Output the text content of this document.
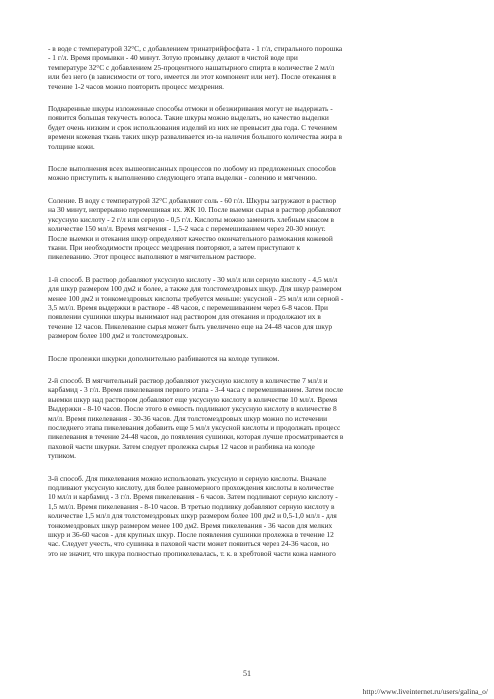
- в воде с температурой 32°С, с добавлением тринатрийфосфата - 1 г/л, стирального порошка
- 1 г/л. Время промывки - 40 минут. Зотую промывку делают в чистой воде при
температуре 32°С с добавлением 25-процентного нашатырного спирта в количестве 2 мл/л
или без него (в зависимости от того, имеется ли этот компонент или нет). После отекания в
течение 1-2 часов можно повторить процесс мездрения.
Подваренные шкуры изложенные способы отмоки и обезжиривания могут не выдержать -
появится большая текучесть волоса. Такие шкуры можно выделать, но качество выделки
будет очень низким и срок использования изделий из них не превысит два года. С течением
времени кожевая ткань таких шкур разваливается из-за наличия большого количества жира в
толщине кожи.
После выполнения всех вышеописанных процессов по любому из предложенных способов
можно приступить к выполнению следующего этапа выделки - солению и мягчению.
Соление. В воду с температурой 32°С добавляют соль - 60 г/л. Шкуры загружают в раствор
на 30 минут, непрерывно перемешивая их. ЖК 10. После выемки сырья в раствор добавляют
уксусную кислоту - 2 г/л или серную - 0,5 г/л. Кислоты можно заменить хлебным квасом в
количестве 150 мл/л. Время мягчения - 1,5-2 часа с перемешиванием через 20-30 минут.
После выемки и отекания шкур определяют качество окончательного размокания кожевой
ткани. При необходимости процесс мездрения повторяют, а затем приступают к
пикелеванию. Этот процесс выполняют в мягчительном растворе.
1-й способ. В раствор добавляют уксусную кислоту - 30 мл/л или серную кислоту - 4,5 мл/л
для шкур размером 100 дм2 и более, а также для толстомездровых шкур. Для шкур размером
менее 100 дм2 и тонкомездровых кислоты требуется меньше: уксусной - 25 мл/л или серной -
3,5 мл/л. Время выдержки в растворе - 48 часов, с перемешиванием через 6-8 часов. При
появлении сушинки шкуры вынимают над раствором для отекания и продолжают их в
течение 12 часов. Пикелевание сырья может быть увеличено еще на 24-48 часов для шкур
размером более 100 дм2 и толстомездровых.
После пролежки шкурки дополнительно разбиваются на колоде тупиком.
2-й способ. В мягчительный раствор добавляют уксусную кислоту в количестве 7 мл/л и
карбамид - 3 г/л. Время пикелевания первого этапа - 3-4 часа с перемешиванием. Затем после
выемки шкур над раствором добавляют еще уксусную кислоту в количестве 10 мл/л. Время
Выдержки - 8-10 часов. После этого в емкость подливают уксусную кислоту в количестве 8
мл/л. Время пикелевания - 30-36 часов. Для толстомездровых шкур можно по истечении
последнего этапа пикелевания добавить еще 5 мл/л уксусной кислоты и продолжать процесс
пикелевания в течение 24-48 часов, до появления сушинки, которая лучше просматривается в
паховой части шкурки. Затем следует пролежка сырья 12 часов и разбивка на колоде
тупиком.
3-й способ. Для пикелевания можно использовать уксусную и серную кислоты. Вначале
подливают уксусную кислоту, для более равномерного прохождения кислоты в количестве
10 мл/л и карбамид - 3 г/л. Время пикелевания - 6 часов. Затем подливают серную кислоту -
1,5 мл/л. Время пикелевания - 8-10 часов. В третью подливку добавляют серную кислоту в
количестве 1,5 мл/л для толстомездровых шкур размером более 100 дм2 и 0,5-1,0 мл/л - для
тонкомездровых шкур размером менее 100 дм2. Время пикелевания - 36 часов для мелких
шкур и 36-60 часов - для крупных шкур. После появления сушинки пролежка в течение 12
час. Следует учесть, что сушинка в паховой части может появиться через 24-36 часов, но
это не значит, что шкура полностью пропикелевалась, т. к. в хребтовой части кожа намного
51
http://www.liveinternet.ru/users/galina_o/
